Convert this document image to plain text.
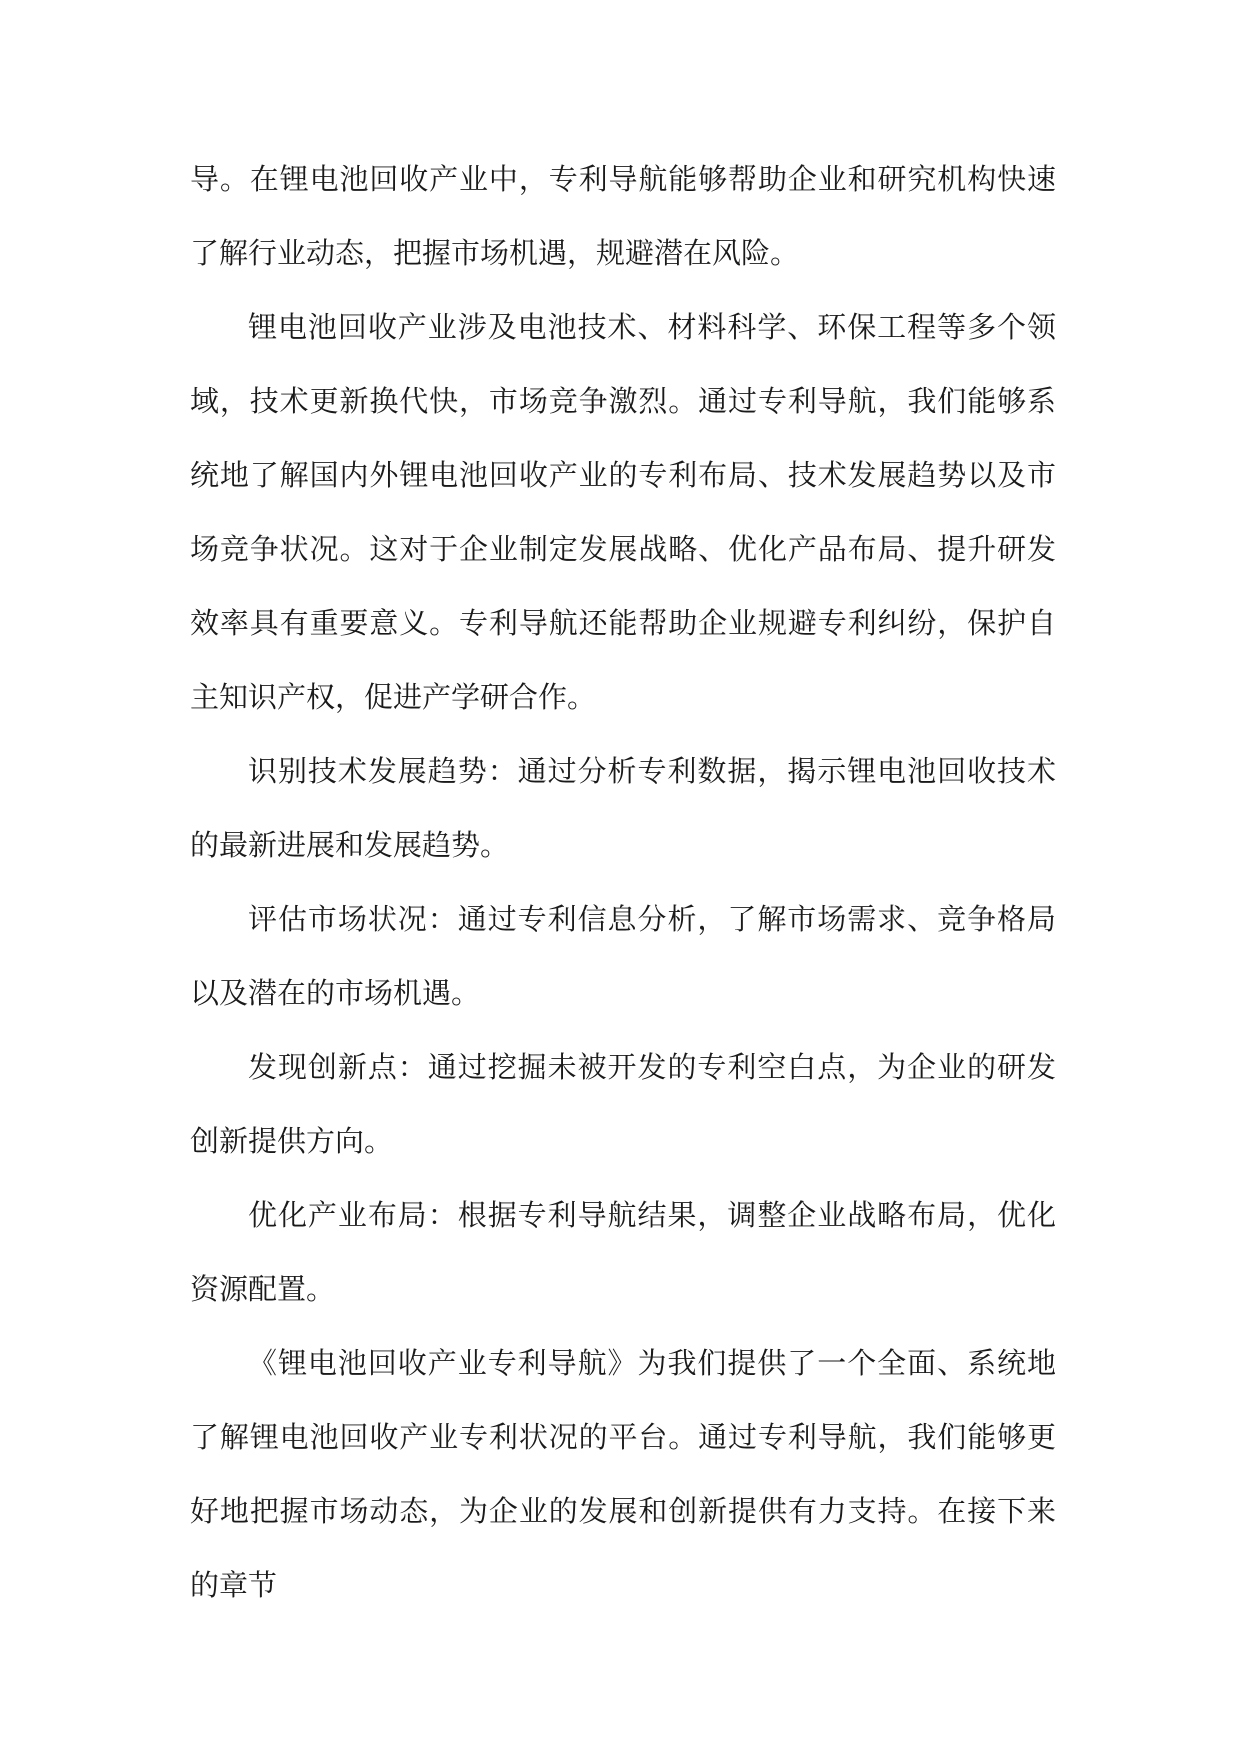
导。在锂电池回收产业中，专利导航能够帮助企业和研究机构快速了解行业动态，把握市场机遇，规避潜在风险。

锂电池回收产业涉及电池技术、材料科学、环保工程等多个领域，技术更新换代快，市场竞争激烈。通过专利导航，我们能够系统地了解国内外锂电池回收产业的专利布局、技术发展趋势以及市场竞争状况。这对于企业制定发展战略、优化产品布局、提升研发效率具有重要意义。专利导航还能帮助企业规避专利纠纷，保护自主知识产权，促进产学研合作。

识别技术发展趋势：通过分析专利数据，揭示锂电池回收技术的最新进展和发展趋势。

评估市场状况：通过专利信息分析，了解市场需求、竞争格局以及潜在的市场机遇。

发现创新点：通过挖掘未被开发的专利空白点，为企业的研发创新提供方向。

优化产业布局：根据专利导航结果，调整企业战略布局，优化资源配置。

《锂电池回收产业专利导航》为我们提供了一个全面、系统地了解锂电池回收产业专利状况的平台。通过专利导航，我们能够更好地把握市场动态，为企业的发展和创新提供有力支持。在接下来的章节
